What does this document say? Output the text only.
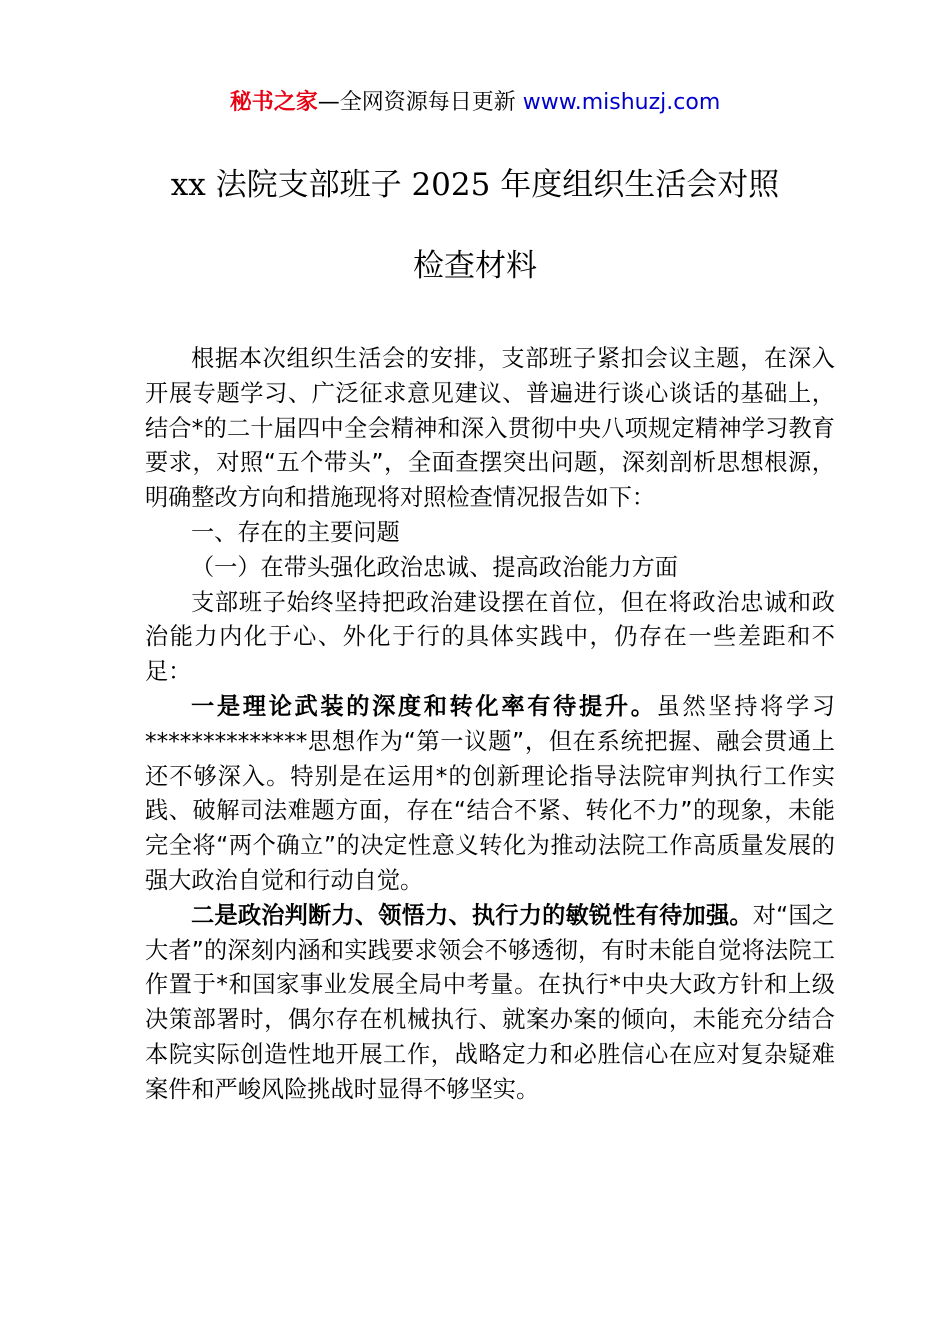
秘书之家—全网资源每日更新 www.mishuzj.com
xx 法院支部班子 2025 年度组织生活会对照
检查材料

根据本次组织生活会的安排，支部班子紧扣会议主题，在深入开展专题学习、广泛征求意见建议、普遍进行谈心谈话的基础上，结合*的二十届四中全会精神和深入贯彻中央八项规定精神学习教育要求，对照“五个带头”，全面查摆突出问题，深刻剖析思想根源，明确整改方向和措施现将对照检查情况报告如下：

一、存在的主要问题

（一）在带头强化政治忠诚、提高政治能力方面

支部班子始终坚持把政治建设摆在首位，但在将政治忠诚和政治能力内化于心、外化于行的具体实践中，仍存在一些差距和不足：

一是理论武装的深度和转化率有待提升。虽然坚持将学习**************思想作为“第一议题”，但在系统把握、融会贯通上还不够深入。特别是在运用*的创新理论指导法院审判执行工作实践、破解司法难题方面，存在“结合不紧、转化不力”的现象，未能完全将“两个确立”的决定性意义转化为推动法院工作高质量发展的强大政治自觉和行动自觉。

二是政治判断力、领悟力、执行力的敏锐性有待加强。对“国之大者”的深刻内涵和实践要求领会不够透彻，有时未能自觉将法院工作置于*和国家事业发展全局中考量。在执行*中央大政方针和上级决策部署时，偶尔存在机械执行、就案办案的倾向，未能充分结合本院实际创造性地开展工作，战略定力和必胜信心在应对复杂疑难案件和严峻风险挑战时显得不够坚实。
